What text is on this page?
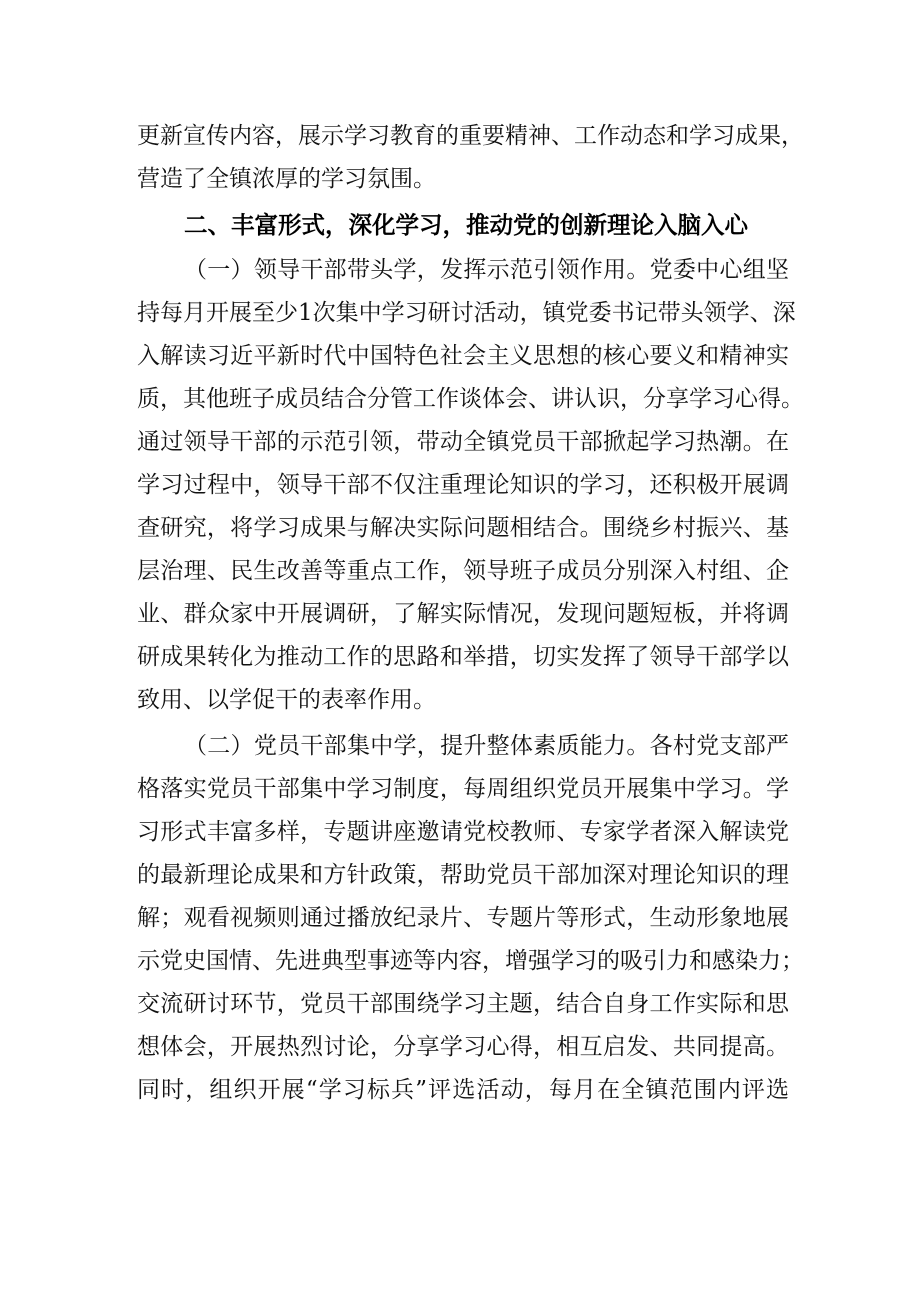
更新宣传内容，展示学习教育的重要精神、工作动态和学习成果，
营造了全镇浓厚的学习氛围。
二、丰富形式，深化学习，推动党的创新理论入脑入心
（一）领导干部带头学，发挥示范引领作用。党委中心组坚
持每月开展至少1次集中学习研讨活动，镇党委书记带头领学、深
入解读习近平新时代中国特色社会主义思想的核心要义和精神实
质，其他班子成员结合分管工作谈体会、讲认识，分享学习心得。
通过领导干部的示范引领，带动全镇党员干部掀起学习热潮。在
学习过程中，领导干部不仅注重理论知识的学习，还积极开展调
查研究，将学习成果与解决实际问题相结合。围绕乡村振兴、基
层治理、民生改善等重点工作，领导班子成员分别深入村组、企
业、群众家中开展调研，了解实际情况，发现问题短板，并将调
研成果转化为推动工作的思路和举措，切实发挥了领导干部学以
致用、以学促干的表率作用。
（二）党员干部集中学，提升整体素质能力。各村党支部严
格落实党员干部集中学习制度，每周组织党员开展集中学习。学
习形式丰富多样，专题讲座邀请党校教师、专家学者深入解读党
的最新理论成果和方针政策，帮助党员干部加深对理论知识的理
解；观看视频则通过播放纪录片、专题片等形式，生动形象地展
示党史国情、先进典型事迹等内容，增强学习的吸引力和感染力；
交流研讨环节，党员干部围绕学习主题，结合自身工作实际和思
想体会，开展热烈讨论，分享学习心得，相互启发、共同提高。
同时，组织开展“学习标兵”评选活动，每月在全镇范围内评选
